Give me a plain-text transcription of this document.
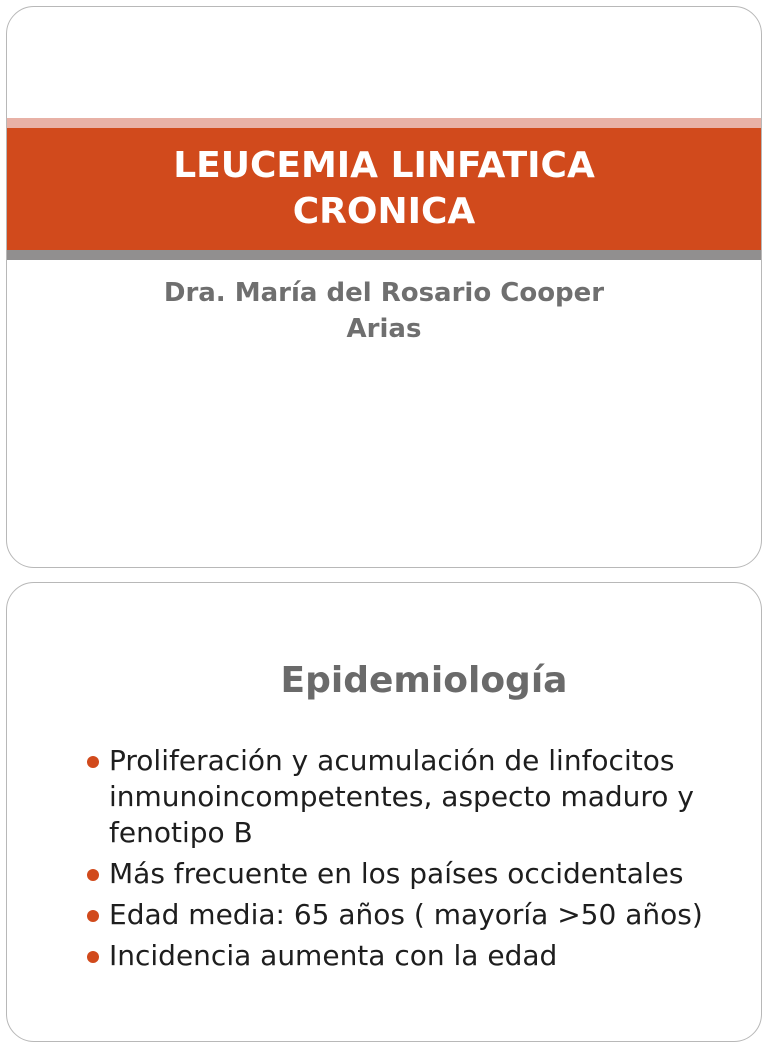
LEUCEMIA LINFATICA
CRONICA

Dra. María del Rosario Cooper
Arias

Epidemiología
Proliferación y acumulación de linfocitos inmunoincompetentes, aspecto maduro y fenotipo B
Más frecuente en los países occidentales
Edad media: 65 años ( mayoría >50 años)
Incidencia aumenta con la edad
